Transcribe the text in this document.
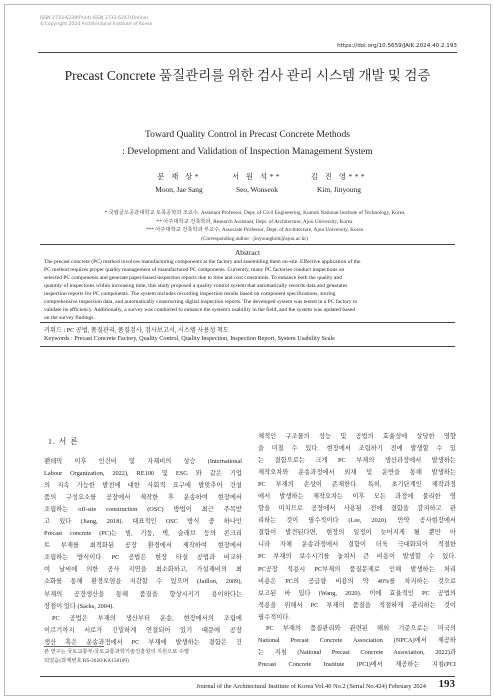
ISSN 2733-6239(Print) ISSN 2733-6247(Online)
©Copyright 2024 Architectural Institute of Korea
https://doi.org/10.5659/JAIK.2024.40.2.193
Precast Concrete 품질관리를 위한 검사 관리 시스템 개발 및 검증
Toward Quality Control in Precast Concrete Methods
: Development and Validation of Inspection Management System
문 재 상*
Moon, Jae Sang
서 원 석**
Seo, Wonseok
김 진 영***
Kim, Jinyoung
* 국립금오공과대학교 토목공학과 조교수, Assistant Professor, Dept. of Civil Engineering, Kumoh National Institute of Technology, Korea
** 아주대학교 건축학과, Research Assistant, Dept. of Architecture, Ajou University, Korea
*** 아주대학교 건축학과 부교수, Associate Professor, Dept. of Architecture, Ajou University, Korea
(Corresponding author : jinyoungkim@ajou.ac.kr)
Abstract
The precast concrete (PC) method involves manufacturing components at the factory and assembling them on-site. Effective application of the
PC method requires proper quality management of manufactured PC components. Currently, many PC factories conduct inspections on
selected PC components and generate paper-based inspection reports due to time and cost constraints. To enhance both the quality and
quantity of inspections within increasing time, this study proposed a quality control system that automatically records data and generates
inspection reports for PC components. The system includes recording inspection results based on component specifications, storing
comprehensive inspection data, and automatically constructing digital inspection reports. The developed system was tested in a PC factory to
validate its efficiency. Additionally, a survey was conducted to enhance the system's usability in the field, and the system was updated based
on the survey findings.
키워드 : PC 공법, 품질관리, 품질검사, 검사보고서, 시스템 사용성 척도
Keywords : Precast Concrete Factory, Quality Control, Quality Inspection, Inspection Report, System Usability Scale
1. 서 론
팬데믹 이후 인건비 및 자재비의 상승 (International
Labour Organization, 2022), RE100 및 ESG 와 같은 기업
의 지속 가능한 발전에 대한 사회적 요구에 발맞추어 건설
품의 구성요소를 공장에서 제작한 후 운송하여 현장에서
조립하는 off-site construction (OSC) 방법이 최근 주목받
고 있다 (Jiang, 2018). 대표적인 OSC 방식 중 하나인
Precast concrete (PC)는 빔, 기둥, 벽, 슬래브 등의 콘크리
트 부재를 최적화된 공장 환경에서 제작하여 현장에서
조립하는 방식이다. PC 공법은 현장 타설 공법과 비교하
여 날씨에 의한 공사 지연을 최소화하고, 가설재비의 최
소화를 통해 환경오염을 저감할 수 있으며 (Jaillon, 2009),
부재의 공장생산을 통해 품질을 향상시키기 용이하다는
장점이 있다 (Sacks, 2004).
PC 공법은 부재의 생산부터 운송, 현장에서의 조립에
이르기까지 서로가 긴밀하게 연결되어 있기 때문에 공장
생산 혹은 운송과정에서 PC 부재에 발생하는 결함은 건
체적인 구조물의 성능 및 공법의 효율성에 상당한 영향
을 미칠 수 있다. 현장에서 조립하기 전에 발생할 수 있
는 결함으로는 크게 PC 부재의 생산과정에서 발생하는
제작오차와 운송과정에서 외재 및 운반을 통해 발생하는
PC 부재의 손상이 존재한다. 특히, 초기단계인 제작과정
에서 발생하는 제작오차는 이후 모든 과정에 불리한 영
향을 미치므로 공장에서 사용된 전에 결함을 감지하고 관
리하는 것이 필수적이다 (Lee, 2020). 만약 공사현장에서
결함이 발견된다면, 현장의 일정이 늦어지게 될 뿐만 아
니라 자체 운송과정에서 결함이 더욱 극대화되어 적절한
PC 부재의 보수시기를 놓쳐서 큰 비용이 발생할 수 있다.
PC공장 적용시 PC부재의 품질문제로 인해 발생하는 처리
비용은 PC의 공급량 비용의 약 40%를 차지하는 것으로
보고된 바 있다 (Wang, 2020). 이에 효율적인 PC 공법의
적용을 위해서 PC 부재의 품질을 적절하게 관리하는 것이
필수적이다.
PC 부재의 품질관리와 관련된 해외 기준으로는 미국의
National Precast Concrete Association (NPCA)에서 제공하
는 지침 (National Precast Concrete Association, 2022)과
Precast Concrete Institute (PCI)에서 제공하는 지침(PCI
본 연구는 국토교통부/국토교통과학기술진흥원의 지원으로 수행
되었음(과제번호 RS-2020-KA158109)
Journal of the Architectural Institute of Korea Vol.40 No.2 (Serial No.424) February 2024 193
